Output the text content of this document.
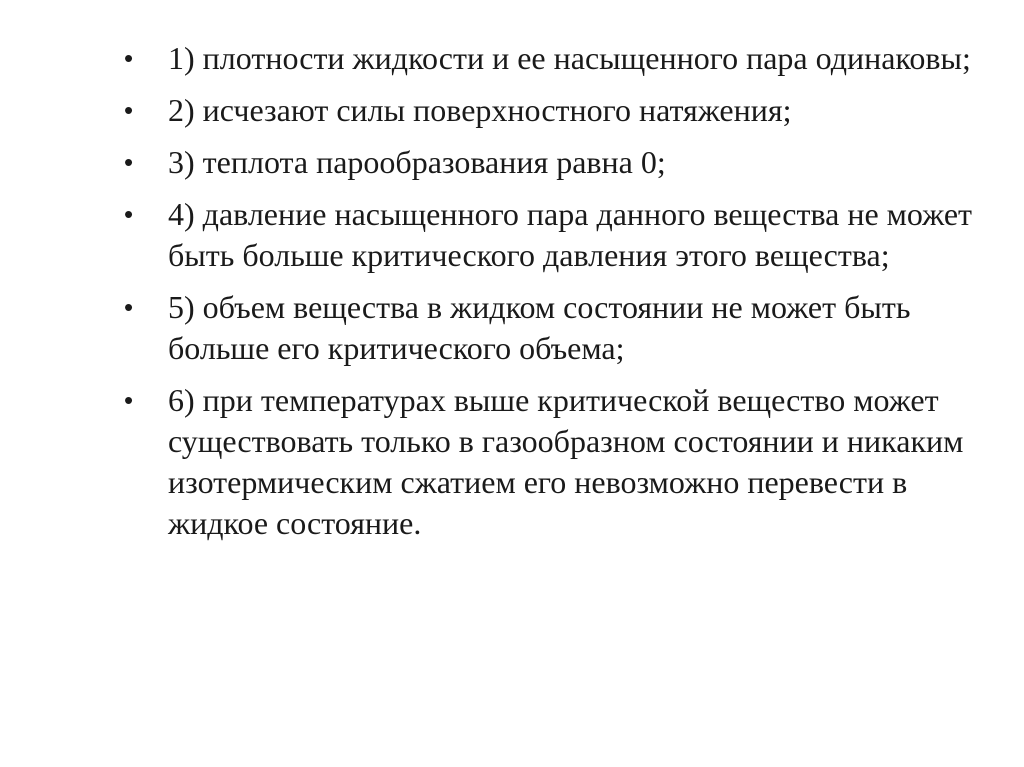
•	1) плотности жидкости и ее насыщенного пара одинаковы;
•	2) исчезают силы поверхностного натяжения;
•	3) теплота парообразования равна 0;
•	4) давление насыщенного пара данного вещества не может быть больше критического давления этого вещества;
•	5) объем вещества в жидком состоянии не может быть больше его критического объема;
•	6) при температурах выше критической вещество может существовать только в газообразном состоянии и никаким изотермическим сжатием его невозможно перевести в жидкое состояние.
